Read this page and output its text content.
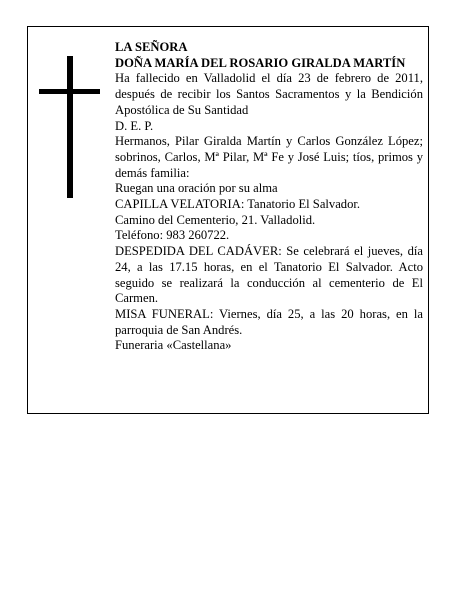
LA SEÑORA

DOÑA MARÍA DEL ROSARIO GIRALDA MARTÍN

Ha fallecido en Valladolid el día 23 de febrero de 2011, después de recibir los Santos Sacramentos y la Bendición Apostólica de Su Santidad

D. E. P.

Hermanos, Pilar Giralda Martín y Carlos González López; sobrinos, Carlos, Mª Pilar, Mª Fe y José Luis; tíos, primos y demás familia:

Ruegan una oración por su alma

CAPILLA VELATORIA: Tanatorio El Salvador.

Camino del Cementerio, 21. Valladolid.

Teléfono: 983 260722.

DESPEDIDA DEL CADÁVER: Se celebrará el jueves, día 24, a las 17.15 horas, en el Tanatorio El Salvador. Acto seguido se realizará la conducción al cementerio de El Carmen.

MISA FUNERAL: Viernes, día 25, a las 20 horas, en la parroquia de San Andrés.

Funeraria «Castellana»
